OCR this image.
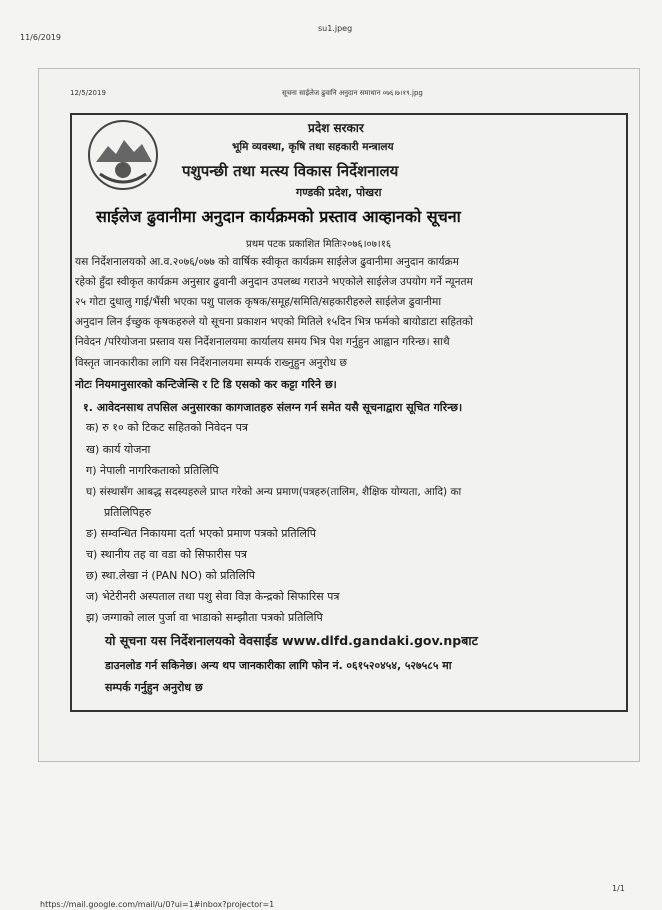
11/6/2019
su1.jpeg
https://mail.google.com/mail/u/0?ui=1#inbox?projector=1
1/1
12/5/2019	सूचना साईलेज ढुवानि अनुदान समाधान ०७६।७।१९.jpg
प्रदेश सरकार
भूमि व्यवस्था, कृषि तथा सहकारी मन्त्रालय
पशुपन्छी तथा मत्स्य विकास निर्देशनालय
गण्डकी प्रदेश, पोखरा
साईलेज ढुवानीमा अनुदान कार्यक्रमको प्रस्ताव आव्हानको सूचना
प्रथम पटक प्रकाशित मितिः२०७६।०७।१६
यस निर्देशनालयको आ.व.२०७६/०७७ को वार्षिक स्वीकृत कार्यक्रम साईलेज ढुवानीमा अनुदान कार्यक्रम
रहेको हुँदा स्वीकृत कार्यक्रम अनुसार ढुवानी अनुदान उपलब्ध गराउने भएकोले साईलेज उपयोग गर्ने न्यूनतम
२५ गोटा दुधालु गाई/भैंसी भएका पशु पालक कृषक/समूह/समिति/सहकारीहरुले साईलेज ढुवानीमा
अनुदान लिन ईच्छुक कृषकहरुले यो सूचना प्रकाशन भएको मितिले १५दिन भित्र फर्मको बायोडाटा सहितको
निवेदन /परियोजना प्रस्ताव यस निर्देशनालयमा कार्यालय समय भित्र पेश गर्नुहुन आह्वान गरिन्छ। साथै
विस्तृत जानकारीका लागि यस निर्देशनालयमा सम्पर्क राख्नुहुन अनुरोध छ
नोटः नियमानुसारको कन्टिजेन्सि र टि डि एसको कर कट्टा गरिने छ।
१. आवेदनसाथ तपसिल अनुसारका कागजातहरु संलग्न गर्न समेत यसै सूचनाद्वारा सूचित गरिन्छ।
क) रु १० को टिकट सहितको निवेदन पत्र
ख) कार्य योजना
ग) नेपाली नागरिकताको प्रतिलिपि
घ) संस्थासँग आबद्ध सदस्यहरुले प्राप्त गरेको अन्य प्रमाण(पत्रहरु(तालिम, शैक्षिक योग्यता, आदि) का
प्रतिलिपिहरु
ङ) सम्वन्धित निकायमा दर्ता भएको प्रमाण पत्रको प्रतिलिपि
च) स्थानीय तह वा वडा को सिफारीस पत्र
छ) स्था.लेखा नं (PAN NO) को प्रतिलिपि
ज) भेटेरीनरी अस्पताल तथा पशु सेवा विज्ञ केन्द्रको सिफारिस पत्र
झ) जग्गाको लाल पुर्जा वा भाडाको सम्झौता पत्रको प्रतिलिपि
यो सूचना यस निर्देशनालयको वेवसाईड www.dlfd.gandaki.gov.npबाट
डाउनलोड गर्न सकिनेछ। अन्य थप जानकारीका लागि फोन नं. ०६१५२०४५४, ५२७५८५ मा
सम्पर्क गर्नुहुन अनुरोध छ
